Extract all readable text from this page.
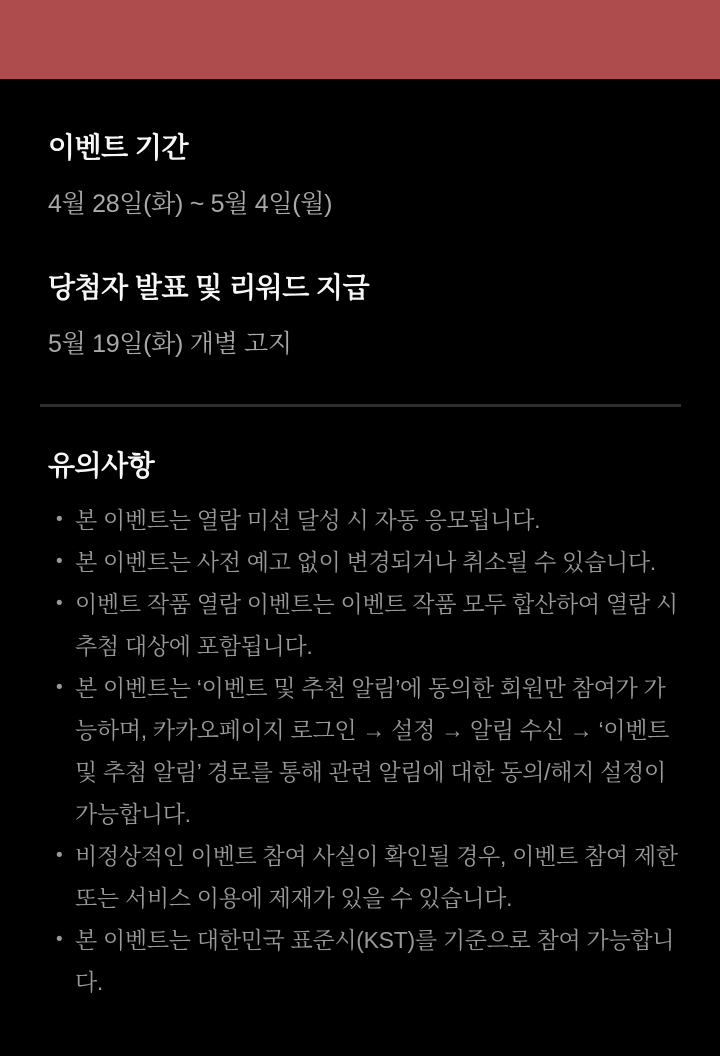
이벤트 기간

4월 28일(화) ~ 5월 4일(월)

당첨자 발표 및 리워드 지급

5월 19일(화) 개별 고지

유의사항
• 본 이벤트는 열람 미션 달성 시 자동 응모됩니다.
• 본 이벤트는 사전 예고 없이 변경되거나 취소될 수 있습니다.
• 이벤트 작품 열람 이벤트는 이벤트 작품 모두 합산하여 열람 시 추첨 대상에 포함됩니다.
• 본 이벤트는 ‘이벤트 및 추천 알림’에 동의한 회원만 참여가 가능하며, 카카오페이지 로그인 → 설정 → 알림 수신 → ‘이벤트 및 추첨 알림’ 경로를 통해 관련 알림에 대한 동의/해지 설정이 가능합니다.
• 비정상적인 이벤트 참여 사실이 확인될 경우, 이벤트 참여 제한 또는 서비스 이용에 제재가 있을 수 있습니다.
• 본 이벤트는 대한민국 표준시(KST)를 기준으로 참여 가능합니다.
